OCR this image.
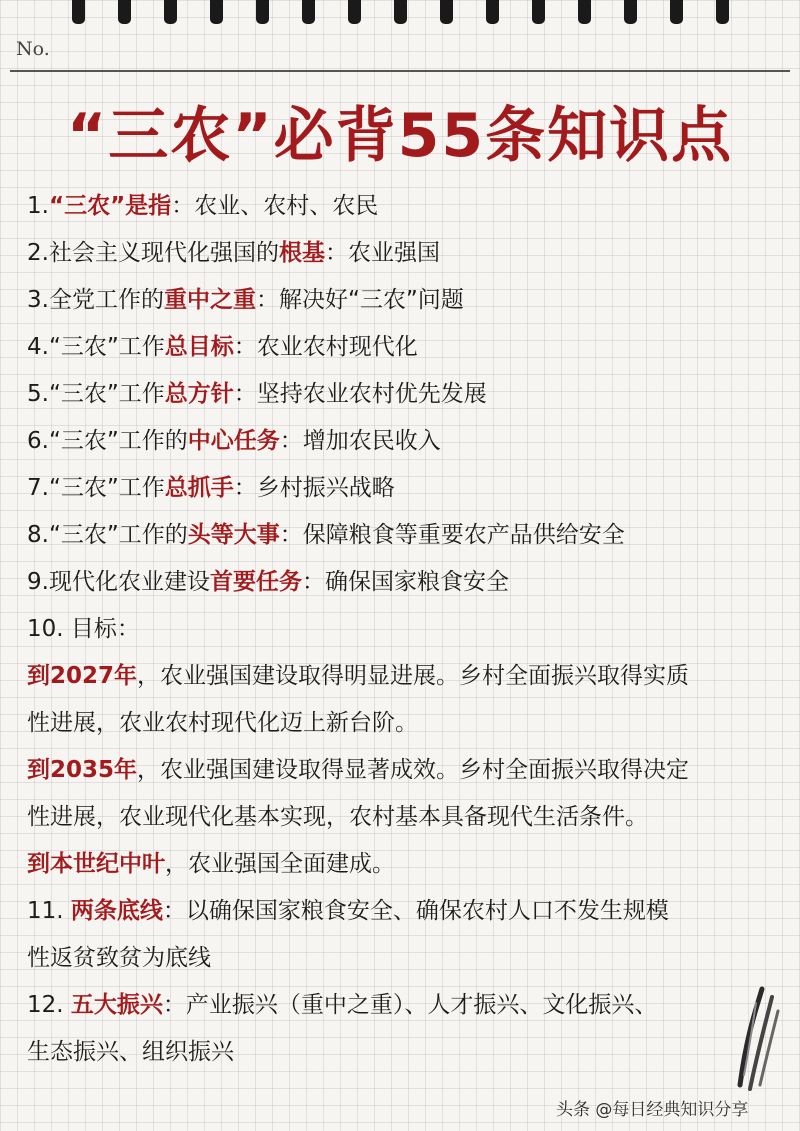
No.
“三农”必背55条知识点
1.“三农”是指：农业、农村、农民
2.社会主义现代化强国的根基：农业强国
3.全党工作的重中之重：解决好“三农”问题
4.“三农”工作总目标：农业农村现代化
5.“三农”工作总方针：坚持农业农村优先发展
6.“三农”工作的中心任务：增加农民收入
7.“三农”工作总抓手：乡村振兴战略
8.“三农”工作的头等大事：保障粮食等重要农产品供给安全
9.现代化农业建设首要任务：确保国家粮食安全
10. 目标：
到2027年，农业强国建设取得明显进展。乡村全面振兴取得实质
性进展，农业农村现代化迈上新台阶。
到2035年，农业强国建设取得显著成效。乡村全面振兴取得决定
性进展，农业现代化基本实现，农村基本具备现代生活条件。
到本世纪中叶，农业强国全面建成。
11. 两条底线：以确保国家粮食安全、确保农村人口不发生规模
性返贫致贫为底线
12. 五大振兴：产业振兴（重中之重）、人才振兴、文化振兴、
生态振兴、组织振兴
头条 @每日经典知识分享
